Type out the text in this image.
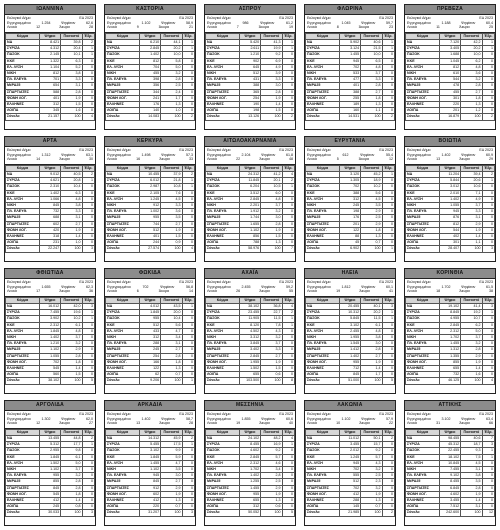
ΙΩΑΝΝΙΝΑ
Εκλογικό Δήμο	ΕΔ 2023
Εγγεγραμμένοι	1.254	Ψηφίσαν	62,6
Λευκά	12	Άκυρα	28
Κόμμα	Ψήφοι	Ποσοστό	Έδρ.
ΝΔ	8.421	39,8	2
ΣΥΡΙΖΑ	4.312	20,4	1
ΠΑΣΟΚ	2.145	10,1	1
ΚΚΕ	1.322	6,3	0
ΕΛ. ΛΥΣΗ	1.104	5,2	0
ΝΙΚΗ	812	3,8	0
ΠΛ. ΕΛΕΥΘ.	701	3,3	0
ΜέΡΑ25	654	3,1	0
ΣΠΑΡΤΙΑΤΕΣ	588	2,8	0
ΦΩΝΗ ΛΟΓ.	401	1,9	0
ΕΛΛΗΝΕΣ	312	1,5	0
ΛΟΙΠΑ	345	1,6	0
Σύνολο	21.157	100	4
ΚΑΣΤΟΡΙΑ
Εκλογικό Δήμο	ΕΔ 2023
Εγγεγραμμένοι	1.102	Ψηφίσαν	58,9
Λευκά	9	Άκυρα	21
Κόμμα	Ψήφοι	Ποσοστό	Έδρ.
ΝΔ	6.210	44,1	1
ΣΥΡΙΖΑ	2.845	20,2	1
ΠΑΣΟΚ	1.402	10,0	0
ΚΚΕ	812	5,8	0
ΕΛ. ΛΥΣΗ	704	5,0	0
ΝΙΚΗ	455	3,2	0
ΠΛ. ΕΛΕΥΘ.	398	2,8	0
ΜέΡΑ25	356	2,5	0
ΣΠΑΡΤΙΑΤΕΣ	344	2,4	0
ΦΩΝΗ ΛΟΓ.	241	1,7	0
ΕΛΛΗΝΕΣ	176	1,3	0
ΛΟΙΠΑ	140	1,0	0
Σύνολο	14.083	100	2
ΑΣΠΡΟΥ
Εκλογικό Δήμο	ΕΔ 2023
Εγγεγραμμένοι	986	Ψηφίσαν	61,2
Λευκά	7	Άκυρα	19
Κόμμα	Ψήφοι	Ποσοστό	Έδρ.
ΝΔ	5.420	41,3	1
ΣΥΡΙΖΑ	2.611	19,9	1
ΠΑΣΟΚ	1.210	9,2	0
ΚΚΕ	902	6,9	0
ΕΛ. ΛΥΣΗ	645	4,9	0
ΝΙΚΗ	512	3,9	0
ΠΛ. ΕΛΕΥΘ.	431	3,3	0
ΜέΡΑ25	388	3,0	0
ΣΠΑΡΤΙΑΤΕΣ	365	2,8	0
ΦΩΝΗ ΛΟΓ.	254	1,9	0
ΕΛΛΗΝΕΣ	190	1,4	0
ΛΟΙΠΑ	198	1,5	0
Σύνολο	13.126	100	2
ΦΛΩΡΙΝΑ
Εκλογικό Δήμο	ΕΔ 2023
Εγγεγραμμένοι	1.045	Ψηφίσαν	59,7
Λευκά	8	Άκυρα	23
Κόμμα	Ψήφοι	Ποσοστό	Έδρ.
ΝΔ	5.902	40,6	1
ΣΥΡΙΖΑ	3.124	21,5	1
ΠΑΣΟΚ	1.455	10,0	0
ΚΚΕ	945	6,5	0
ΕΛ. ΛΥΣΗ	702	4,8	0
ΝΙΚΗ	533	3,7	0
ΠΛ. ΕΛΕΥΘ.	477	3,3	0
ΜέΡΑ25	401	2,8	0
ΣΠΑΡΤΙΑΤΕΣ	388	2,7	0
ΦΩΝΗ ΛΟΓ.	255	1,8	0
ΕΛΛΗΝΕΣ	189	1,3	0
ΛΟΙΠΑ	160	1,1	0
Σύνολο	14.531	100	2
ΠΡΕΒΕΖΑ
Εκλογικό Δήμο	ΕΔ 2023
Εγγεγραμμένοι	1.188	Ψηφίσαν	60,4
Λευκά	11	Άκυρα	25
Κόμμα	Ψήφοι	Ποσοστό	Έδρ.
ΝΔ	7.120	42,2	1
ΣΥΡΙΖΑ	3.405	20,2	1
ΠΑΣΟΚ	1.688	10,0	0
ΚΚΕ	1.045	6,2	0
ΕΛ. ΛΥΣΗ	812	4,8	0
ΝΙΚΗ	610	3,6	0
ΠΛ. ΕΛΕΥΘ.	544	3,2	0
ΜέΡΑ25	478	2,8	0
ΣΠΑΡΤΙΑΤΕΣ	455	2,7	0
ΦΩΝΗ ΛΟΓ.	301	1,8	0
ΕΛΛΗΝΕΣ	220	1,3	0
ΛΟΙΠΑ	201	1,2	0
Σύνολο	16.879	100	2
ΑΡΤΑ
Εκλογικό Δήμο	ΕΔ 2023
Εγγεγραμμένοι	1.312	Ψηφίσαν	63,1
Λευκά	14	Άκυρα	30
Κόμμα	Ψήφοι	Ποσοστό	Έδρ.
ΝΔ	9.012	40,5	2
ΣΥΡΙΖΑ	4.621	20,8	1
ΠΑΣΟΚ	2.310	10,4	0
ΚΚΕ	1.402	6,3	0
ΕΛ. ΛΥΣΗ	1.066	4,8	0
ΝΙΚΗ	845	3,8	0
ΠΛ. ΕΛΕΥΘ.	732	3,3	0
ΜέΡΑ25	688	3,1	0
ΣΠΑΡΤΙΑΤΕΣ	602	2,7	0
ΦΩΝΗ ΛΟΓ.	420	1,9	0
ΕΛΛΗΝΕΣ	318	1,4	0
ΛΟΙΠΑ	231	1,0	0
Σύνολο	22.247	100	3
ΚΕΡΚΥΡΑ
Εκλογικό Δήμο	ΕΔ 2023
Εγγεγραμμένοι	1.498	Ψηφίσαν	57,3
Λευκά	16	Άκυρα	33
Κόμμα	Ψήφοι	Ποσοστό	Έδρ.
ΝΔ	10.455	37,9	2
ΣΥΡΙΖΑ	6.012	21,8	1
ΠΑΣΟΚ	2.987	10,8	1
ΚΚΕ	2.105	7,6	0
ΕΛ. ΛΥΣΗ	1.245	4,5	0
ΝΙΚΗ	912	3,3	0
ΠΛ. ΕΛΕΥΘ.	1.002	3,6	0
ΜέΡΑ25	955	3,5	0
ΣΠΑΡΤΙΑΤΕΣ	744	2,7	0
ΦΩΝΗ ΛΟΓ.	512	1,9	0
ΕΛΛΗΝΕΣ	401	1,5	0
ΛΟΙΠΑ	244	0,9	0
Σύνολο	27.574	100	4
ΑΙΤΩΛΟΑΚΑΡΝΑΝΙΑ
Εκλογικό Δήμο	ΕΔ 2023
Εγγεγραμμένοι	2.104	Ψηφίσαν	61,8
Λευκά	22	Άκυρα	48
Κόμμα	Ψήφοι	Ποσοστό	Έδρ.
ΝΔ	24.312	41,2	4
ΣΥΡΙΖΑ	11.845	20,1	2
ΠΑΣΟΚ	6.204	10,5	1
ΚΚΕ	3.512	6,0	0
ΕΛ. ΛΥΣΗ	2.845	4,8	0
ΝΙΚΗ	2.201	3,7	0
ΠΛ. ΕΛΕΥΘ.	1.912	3,2	0
ΜέΡΑ25	1.744	3,0	0
ΣΠΑΡΤΙΑΤΕΣ	1.655	2,8	0
ΦΩΝΗ ΛΟΓ.	1.102	1,9	0
ΕΛΛΗΝΕΣ	856	1,5	0
ΛΟΙΠΑ	788	1,3	0
Σύνολο	58.976	100	7
ΕΥΡΥΤΑΝΙΑ
Εκλογικό Δήμο	ΕΔ 2023
Εγγεγραμμένοι	612	Ψηφίσαν	55,4
Λευκά	5	Άκυρα	12
Κόμμα	Ψήφοι	Ποσοστό	Έδρ.
ΝΔ	3.120	45,2	1
ΣΥΡΙΖΑ	1.305	18,9	0
ΠΑΣΟΚ	702	10,2	0
ΚΚΕ	388	5,6	0
ΕΛ. ΛΥΣΗ	312	4,5	0
ΝΙΚΗ	245	3,5	0
ΠΛ. ΕΛΕΥΘ.	198	2,9	0
ΜέΡΑ25	176	2,5	0
ΣΠΑΡΤΙΑΤΕΣ	201	2,9	0
ΦΩΝΗ ΛΟΓ.	122	1,8	0
ΕΛΛΗΝΕΣ	88	1,3	0
ΛΟΙΠΑ	45	0,7	0
Σύνολο	6.902	100	1
ΒΟΙΩΤΙΑ
Εκλογικό Δήμο	ΕΔ 2023
Εγγεγραμμένοι	1.402	Ψηφίσαν	60,9
Λευκά	13	Άκυρα	29
Κόμμα	Ψήφοι	Ποσοστό	Έδρ.
ΝΔ	11.204	39,4	2
ΣΥΡΙΖΑ	5.844	20,6	1
ΠΑΣΟΚ	3.012	10,6	0
ΚΚΕ	2.010	7,1	0
ΕΛ. ΛΥΣΗ	1.402	4,9	0
ΝΙΚΗ	1.055	3,7	0
ΠΛ. ΕΛΕΥΘ.	945	3,3	0
ΜέΡΑ25	876	3,1	0
ΣΠΑΡΤΙΑΤΕΣ	812	2,9	0
ΦΩΝΗ ΛΟΓ.	544	1,9	0
ΕΛΛΗΝΕΣ	402	1,4	0
ΛΟΙΠΑ	301	1,1	0
Σύνολο	28.407	100	3
ΦΘΙΩΤΙΔΑ
Εκλογικό Δήμο	ΕΔ 2023
Εγγεγραμμένοι	1.655	Ψηφίσαν	62,3
Λευκά	17	Άκυρα	36
Κόμμα	Ψήφοι	Ποσοστό	Έδρ.
ΝΔ	16.012	42,0	3
ΣΥΡΙΖΑ	7.455	19,6	1
ΠΑΣΟΚ	3.902	10,2	1
ΚΚΕ	2.312	6,1	0
ΕΛ. ΛΥΣΗ	1.845	4,8	0
ΝΙΚΗ	1.402	3,7	0
ΠΛ. ΕΛΕΥΘ.	1.210	3,2	0
ΜέΡΑ25	1.102	2,9	0
ΣΠΑΡΤΙΑΤΕΣ	1.055	2,8	0
ΦΩΝΗ ΛΟΓ.	702	1,8	0
ΕΛΛΗΝΕΣ	545	1,4	0
ΛΟΙΠΑ	560	1,5	0
Σύνολο	38.102	100	5
ΦΩΚΙΔΑ
Εκλογικό Δήμο	ΕΔ 2023
Εγγεγραμμένοι	702	Ψηφίσαν	56,8
Λευκά	6	Άκυρα	14
Κόμμα	Ψήφοι	Ποσοστό	Έδρ.
ΝΔ	4.012	43,5	1
ΣΥΡΙΖΑ	1.845	20,0	0
ΠΑΣΟΚ	955	10,4	0
ΚΚΕ	512	5,6	0
ΕΛ. ΛΥΣΗ	433	4,7	0
ΝΙΚΗ	312	3,4	0
ΠΛ. ΕΛΕΥΘ.	288	3,1	0
ΜέΡΑ25	245	2,7	0
ΣΠΑΡΤΙΑΤΕΣ	254	2,8	0
ΦΩΝΗ ΛΟΓ.	166	1,8	0
ΕΛΛΗΝΕΣ	122	1,3	0
ΛΟΙΠΑ	62	0,7	0
Σύνολο	9.206	100	1
ΑΧΑΪΑ
Εκλογικό Δήμο	ΕΔ 2023
Εγγεγραμμένοι	2.455	Ψηφίσαν	59,2
Λευκά	26	Άκυρα	55
Κόμμα	Ψήφοι	Ποσοστό	Έδρ.
ΝΔ	38.102	36,8	4
ΣΥΡΙΖΑ	23.455	22,7	2
ΠΑΣΟΚ	11.905	11,5	1
ΚΚΕ	8.120	7,8	1
ΕΛ. ΛΥΣΗ	4.502	4,3	0
ΝΙΚΗ	3.312	3,2	0
ΠΛ. ΕΛΕΥΘ.	3.845	3,7	0
ΜέΡΑ25	3.402	3,3	0
ΣΠΑΡΤΙΑΤΕΣ	2.845	2,7	0
ΦΩΝΗ ΛΟΓ.	1.955	1,9	0
ΕΛΛΗΝΕΣ	1.502	1,5	0
ΛΟΙΠΑ	655	0,6	0
Σύνολο	103.500	100	8
ΗΛΕΙΑ
Εκλογικό Δήμο	ΕΔ 2023
Εγγεγραμμένοι	1.812	Ψηφίσαν	60,1
Λευκά	19	Άκυρα	41
Κόμμα	Ψήφοι	Ποσοστό	Έδρ.
ΝΔ	20.455	40,1	3
ΣΥΡΙΖΑ	10.312	20,2	1
ΠΑΣΟΚ	5.845	11,5	1
ΚΚΕ	3.102	6,1	0
ΕΛ. ΛΥΣΗ	2.455	4,8	0
ΝΙΚΗ	1.955	3,8	0
ΠΛ. ΕΛΕΥΘ.	1.545	3,0	0
ΜέΡΑ25	1.412	2,8	0
ΣΠΑΡΤΙΑΤΕΣ	1.402	2,7	0
ΦΩΝΗ ΛΟΓ.	955	1,9	0
ΕΛΛΗΝΕΣ	712	1,4	0
ΛΟΙΠΑ	845	1,7	0
Σύνολο	51.000	100	5
ΚΟΡΙΝΘΙΑ
Εκλογικό Δήμο	ΕΔ 2023
Εγγεγραμμένοι	1.702	Ψηφίσαν	61,5
Λευκά	18	Άκυρα	38
Κόμμα	Ψήφοι	Ποσοστό	Έδρ.
ΝΔ	19.102	41,4	3
ΣΥΡΙΖΑ	8.845	19,2	1
ΠΑΣΟΚ	4.955	10,7	0
ΚΚΕ	2.845	6,2	0
ΕΛ. ΛΥΣΗ	2.312	5,0	0
ΝΙΚΗ	1.702	3,7	0
ΠΛ. ΕΛΕΥΘ.	1.455	3,2	0
ΜέΡΑ25	1.312	2,8	0
ΣΠΑΡΤΙΑΤΕΣ	1.355	2,9	0
ΦΩΝΗ ΛΟΓ.	855	1,9	0
ΕΛΛΗΝΕΣ	655	1,4	0
ΛΟΙΠΑ	732	1,6	0
Σύνολο	46.125	100	4
ΑΡΓΟΛΙΔΑ
Εκλογικό Δήμο	ΕΔ 2023
Εγγεγραμμένοι	1.302	Ψηφίσαν	62,0
Λευκά	12	Άκυρα	27
Κόμμα	Ψήφοι	Ποσοστό	Έδρ.
ΝΔ	13.455	44,8	2
ΣΥΡΙΖΑ	5.312	17,7	1
ΠΑΣΟΚ	2.955	9,8	0
ΚΚΕ	1.845	6,1	0
ΕΛ. ΛΥΣΗ	1.502	5,0	0
ΝΙΚΗ	1.102	3,7	0
ΠΛ. ΕΛΕΥΘ.	955	3,2	0
ΜέΡΑ25	855	2,8	0
ΣΠΑΡΤΙΑΤΕΣ	845	2,8	0
ΦΩΝΗ ΛΟΓ.	545	1,8	0
ΕΛΛΗΝΕΣ	412	1,4	0
ΛΟΙΠΑ	245	0,8	0
Σύνολο	30.033	100	3
ΑΡΚΑΔΙΑ
Εκλογικό Δήμο	ΕΔ 2023
Εγγεγραμμένοι	1.402	Ψηφίσαν	58,7
Λευκά	13	Άκυρα	28
Κόμμα	Ψήφοι	Ποσοστό	Έδρ.
ΝΔ	14.312	45,9	2
ΣΥΡΙΖΑ	5.455	17,5	1
ΠΑΣΟΚ	3.102	9,9	0
ΚΚΕ	1.845	5,9	0
ΕΛ. ΛΥΣΗ	1.455	4,7	0
ΝΙΚΗ	1.102	3,5	0
ΠΛ. ΕΛΕΥΘ.	945	3,0	0
ΜέΡΑ25	845	2,7	0
ΣΠΑΡΤΙΑΤΕΣ	912	2,9	0
ΦΩΝΗ ΛΟΓ.	602	1,9	0
ΕΛΛΗΝΕΣ	412	1,3	0
ΛΟΙΠΑ	220	0,7	0
Σύνολο	31.207	100	3
ΜΕΣΣΗΝΙΑ
Εκλογικό Δήμο	ΕΔ 2023
Εγγεγραμμένοι	1.855	Ψηφίσαν	60,6
Λευκά	19	Άκυρα	40
Κόμμα	Ψήφοι	Ποσοστό	Έδρ.
ΝΔ	24.102	48,2	4
ΣΥΡΙΖΑ	8.455	16,9	1
ΠΑΣΟΚ	4.602	9,2	0
ΚΚΕ	2.845	5,7	0
ΕΛ. ΛΥΣΗ	2.312	4,6	0
ΝΙΚΗ	1.702	3,4	0
ΠΛ. ΕΛΕΥΘ.	1.402	2,8	0
ΜέΡΑ25	1.255	2,5	0
ΣΠΑΡΤΙΑΤΕΣ	1.455	2,9	0
ΦΩΝΗ ΛΟΓ.	955	1,9	0
ΕΛΛΗΝΕΣ	655	1,3	0
ΛΟΙΠΑ	312	0,6	0
Σύνολο	50.052	100	5
ΛΑΚΩΝΙΑ
Εκλογικό Δήμο	ΕΔ 2023
Εγγεγραμμένοι	1.102	Ψηφίσαν	57,9
Λευκά	10	Άκυρα	22
Κόμμα	Ψήφοι	Ποσοστό	Έδρ.
ΝΔ	11.012	50,1	2
ΣΥΡΙΖΑ	3.455	15,7	0
ΠΑΣΟΚ	2.012	9,2	0
ΚΚΕ	1.245	5,7	0
ΕΛ. ΛΥΣΗ	945	4,3	0
ΝΙΚΗ	702	3,2	0
ΠΛ. ΕΛΕΥΘ.	555	2,5	0
ΜέΡΑ25	512	2,3	0
ΣΠΑΡΤΙΑΤΕΣ	702	3,2	0
ΦΩΝΗ ΛΟΓ.	412	1,9	0
ΕΛΛΗΝΕΣ	288	1,3	0
ΛΟΙΠΑ	145	0,7	0
Σύνολο	21.985	100	2
ΑΤΤΙΚΗΣ
Εκλογικό Δήμο	ΕΔ 2023
Εγγεγραμμένοι	3.102	Ψηφίσαν	63,4
Λευκά	31	Άκυρα	66
Κόμμα	Ψήφοι	Ποσοστό	Έδρ.
ΝΔ	98.455	40,6	7
ΣΥΡΙΖΑ	45.312	18,7	3
ΠΑΣΟΚ	22.455	9,3	1
ΚΚΕ	18.102	7,5	1
ΕΛ. ΛΥΣΗ	10.845	4,5	0
ΝΙΚΗ	7.455	3,1	0
ΠΛ. ΕΛΕΥΘ.	9.102	3,8	0
ΜέΡΑ25	8.455	3,5	0
ΣΠΑΡΤΙΑΤΕΣ	6.845	2,8	0
ΦΩΝΗ ΛΟΓ.	4.602	1,9	0
ΕΛΛΗΝΕΣ	3.455	1,4	0
ΛΟΙΠΑ	7.512	3,1	0
Σύνολο	242.600	100	12
